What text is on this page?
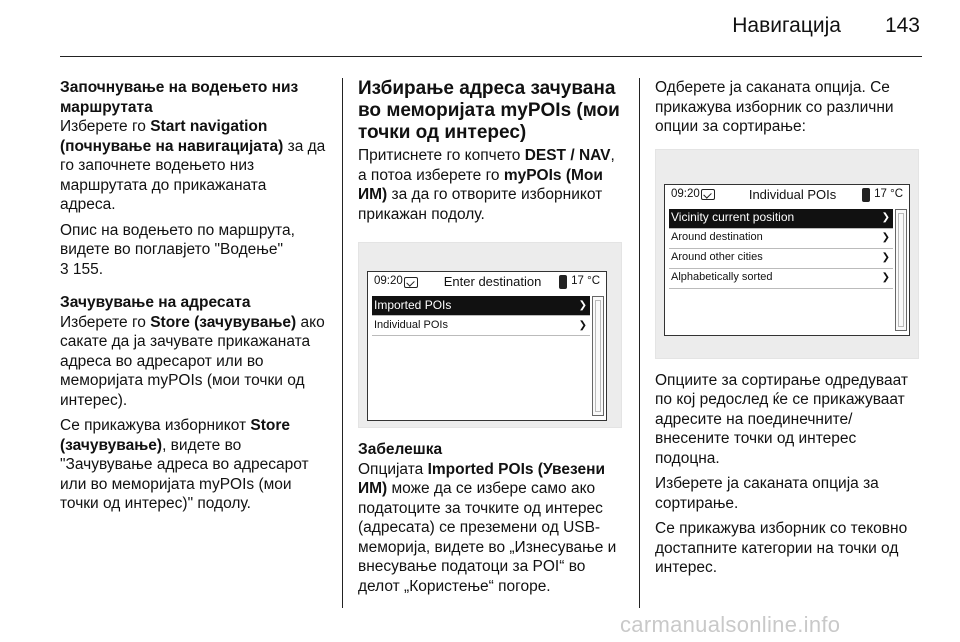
Навигација 143
Започнување на водењето низ маршрутата
Изберете го Start navigation (почнување на навигацијата) за да го започнете водењето низ маршрутата до прикажаната адреса.
Опис на водењето по маршрута, видете во поглавјето "Водење"
3 155.
Зачувување на адресата
Изберете го Store (зачувување) ако сакате да ја зачувате прикажаната адреса во адресарот или во меморијата myPOIs (мои точки од интерес).
Се прикажува изборникот Store (зачувување), видете во "Зачувување адреса во адресарот или во меморијата myPOIs (мои точки од интерес)" подолу.
Избирање адреса зачувана во меморијата myPOIs (мои точки од интерес)
Притиснете го копчето DEST / NAV, а потоа изберете го myPOIs (Мои ИМ) за да го отворите изборникот прикажан подолу.
09:20	Enter destination	17 °C
Imported POIs	❯
Individual POIs	❯
Забелешка
Опцијата Imported POIs (Увезени ИМ) може да се избере само ако податоците за точките од интерес (адресата) се преземени од USB-меморија, видете во „Изнесување и внесување податоци за POI“ во делот „Користење“ погоре.
Одберете ја саканата опција. Се прикажува изборник со различни опции за сортирање:
09:20	Individual POIs	17 °C
Vicinity current position	❯
Around destination	❯
Around other cities	❯
Alphabetically sorted	❯
Опциите за сортирање одредуваат по кој редослед ќе се прикажуваат адресите на поединечните/внесените точки од интерес подоцна.
Изберете ја саканата опција за сортирање.
Се прикажува изборник со тековно достапните категории на точки од интерес.
carmanualsonline.info
